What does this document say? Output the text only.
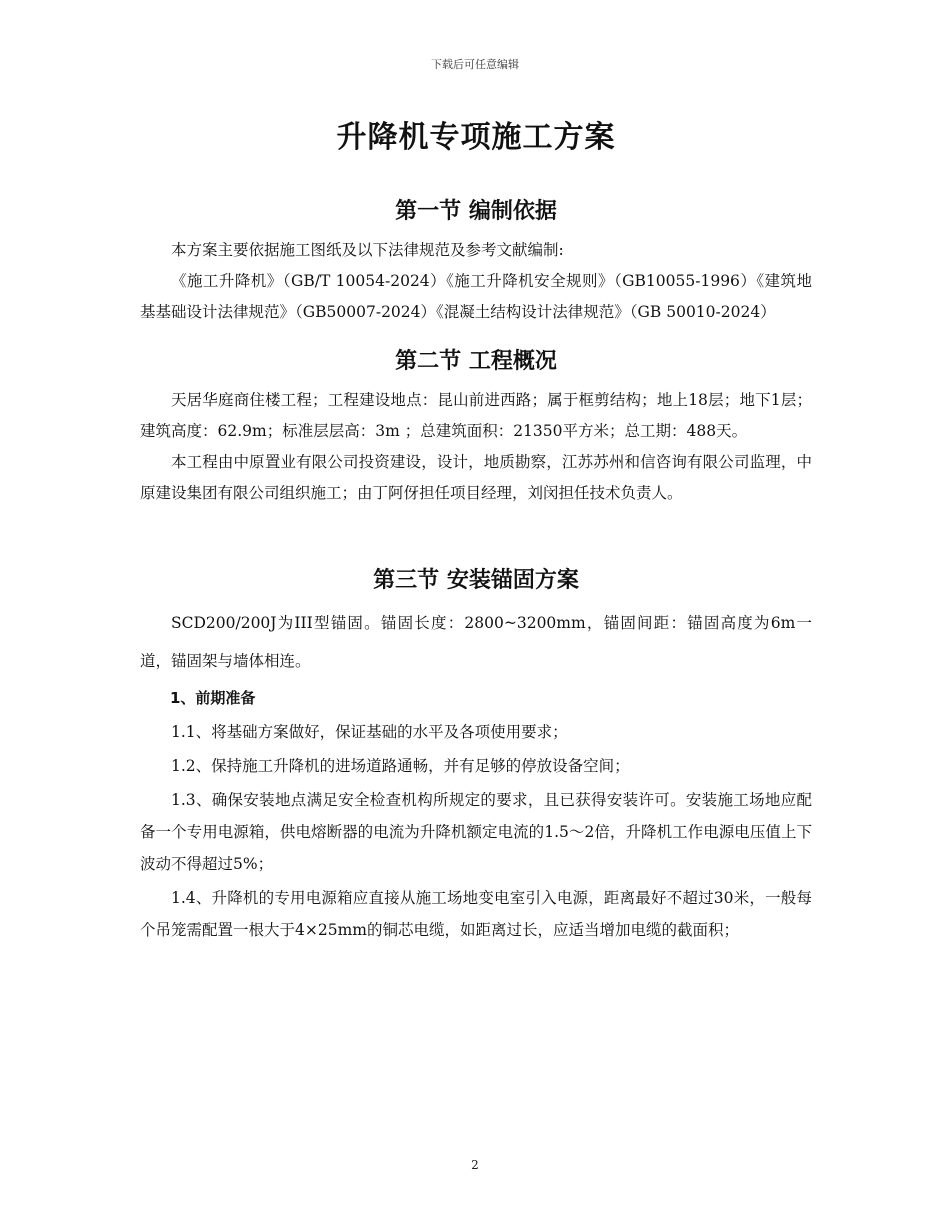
下载后可任意编辑
升降机专项施工方案
第一节 编制依据

本方案主要依据施工图纸及以下法律规范及参考文献编制:

《施工升降机》（GB/T 10054-2024）《施工升降机安全规则》（GB10055-1996）《建筑地基基础设计法律规范》（GB50007-2024）《混凝土结构设计法律规范》（GB 50010-2024）

第二节 工程概况

天居华庭商住楼工程；工程建设地点：昆山前进西路；属于框剪结构；地上18层；地下1层；建筑高度：62.9m；标准层层高：3m ；总建筑面积：21350平方米；总工期：488天。

本工程由中原置业有限公司投资建设，设计，地质勘察，江苏苏州和信咨询有限公司监理，中原建设集团有限公司组织施工；由丁阿伢担任项目经理，刘闵担任技术负责人。

第三节 安装锚固方案

SCD200/200J为III型锚固。锚固长度：2800~3200mm，锚固间距：锚固高度为6m一道，锚固架与墙体相连。

1、前期准备

1.1、将基础方案做好，保证基础的水平及各项使用要求；

1.2、保持施工升降机的进场道路通畅，并有足够的停放设备空间；

1.3、确保安装地点满足安全检查机构所规定的要求，且已获得安装许可。安装施工场地应配备一个专用电源箱，供电熔断器的电流为升降机额定电流的1.5～2倍，升降机工作电源电压值上下波动不得超过5%；

1.4、升降机的专用电源箱应直接从施工场地变电室引入电源，距离最好不超过30米，一般每个吊笼需配置一根大于4×25mm的铜芯电缆，如距离过长，应适当增加电缆的截面积；

2
